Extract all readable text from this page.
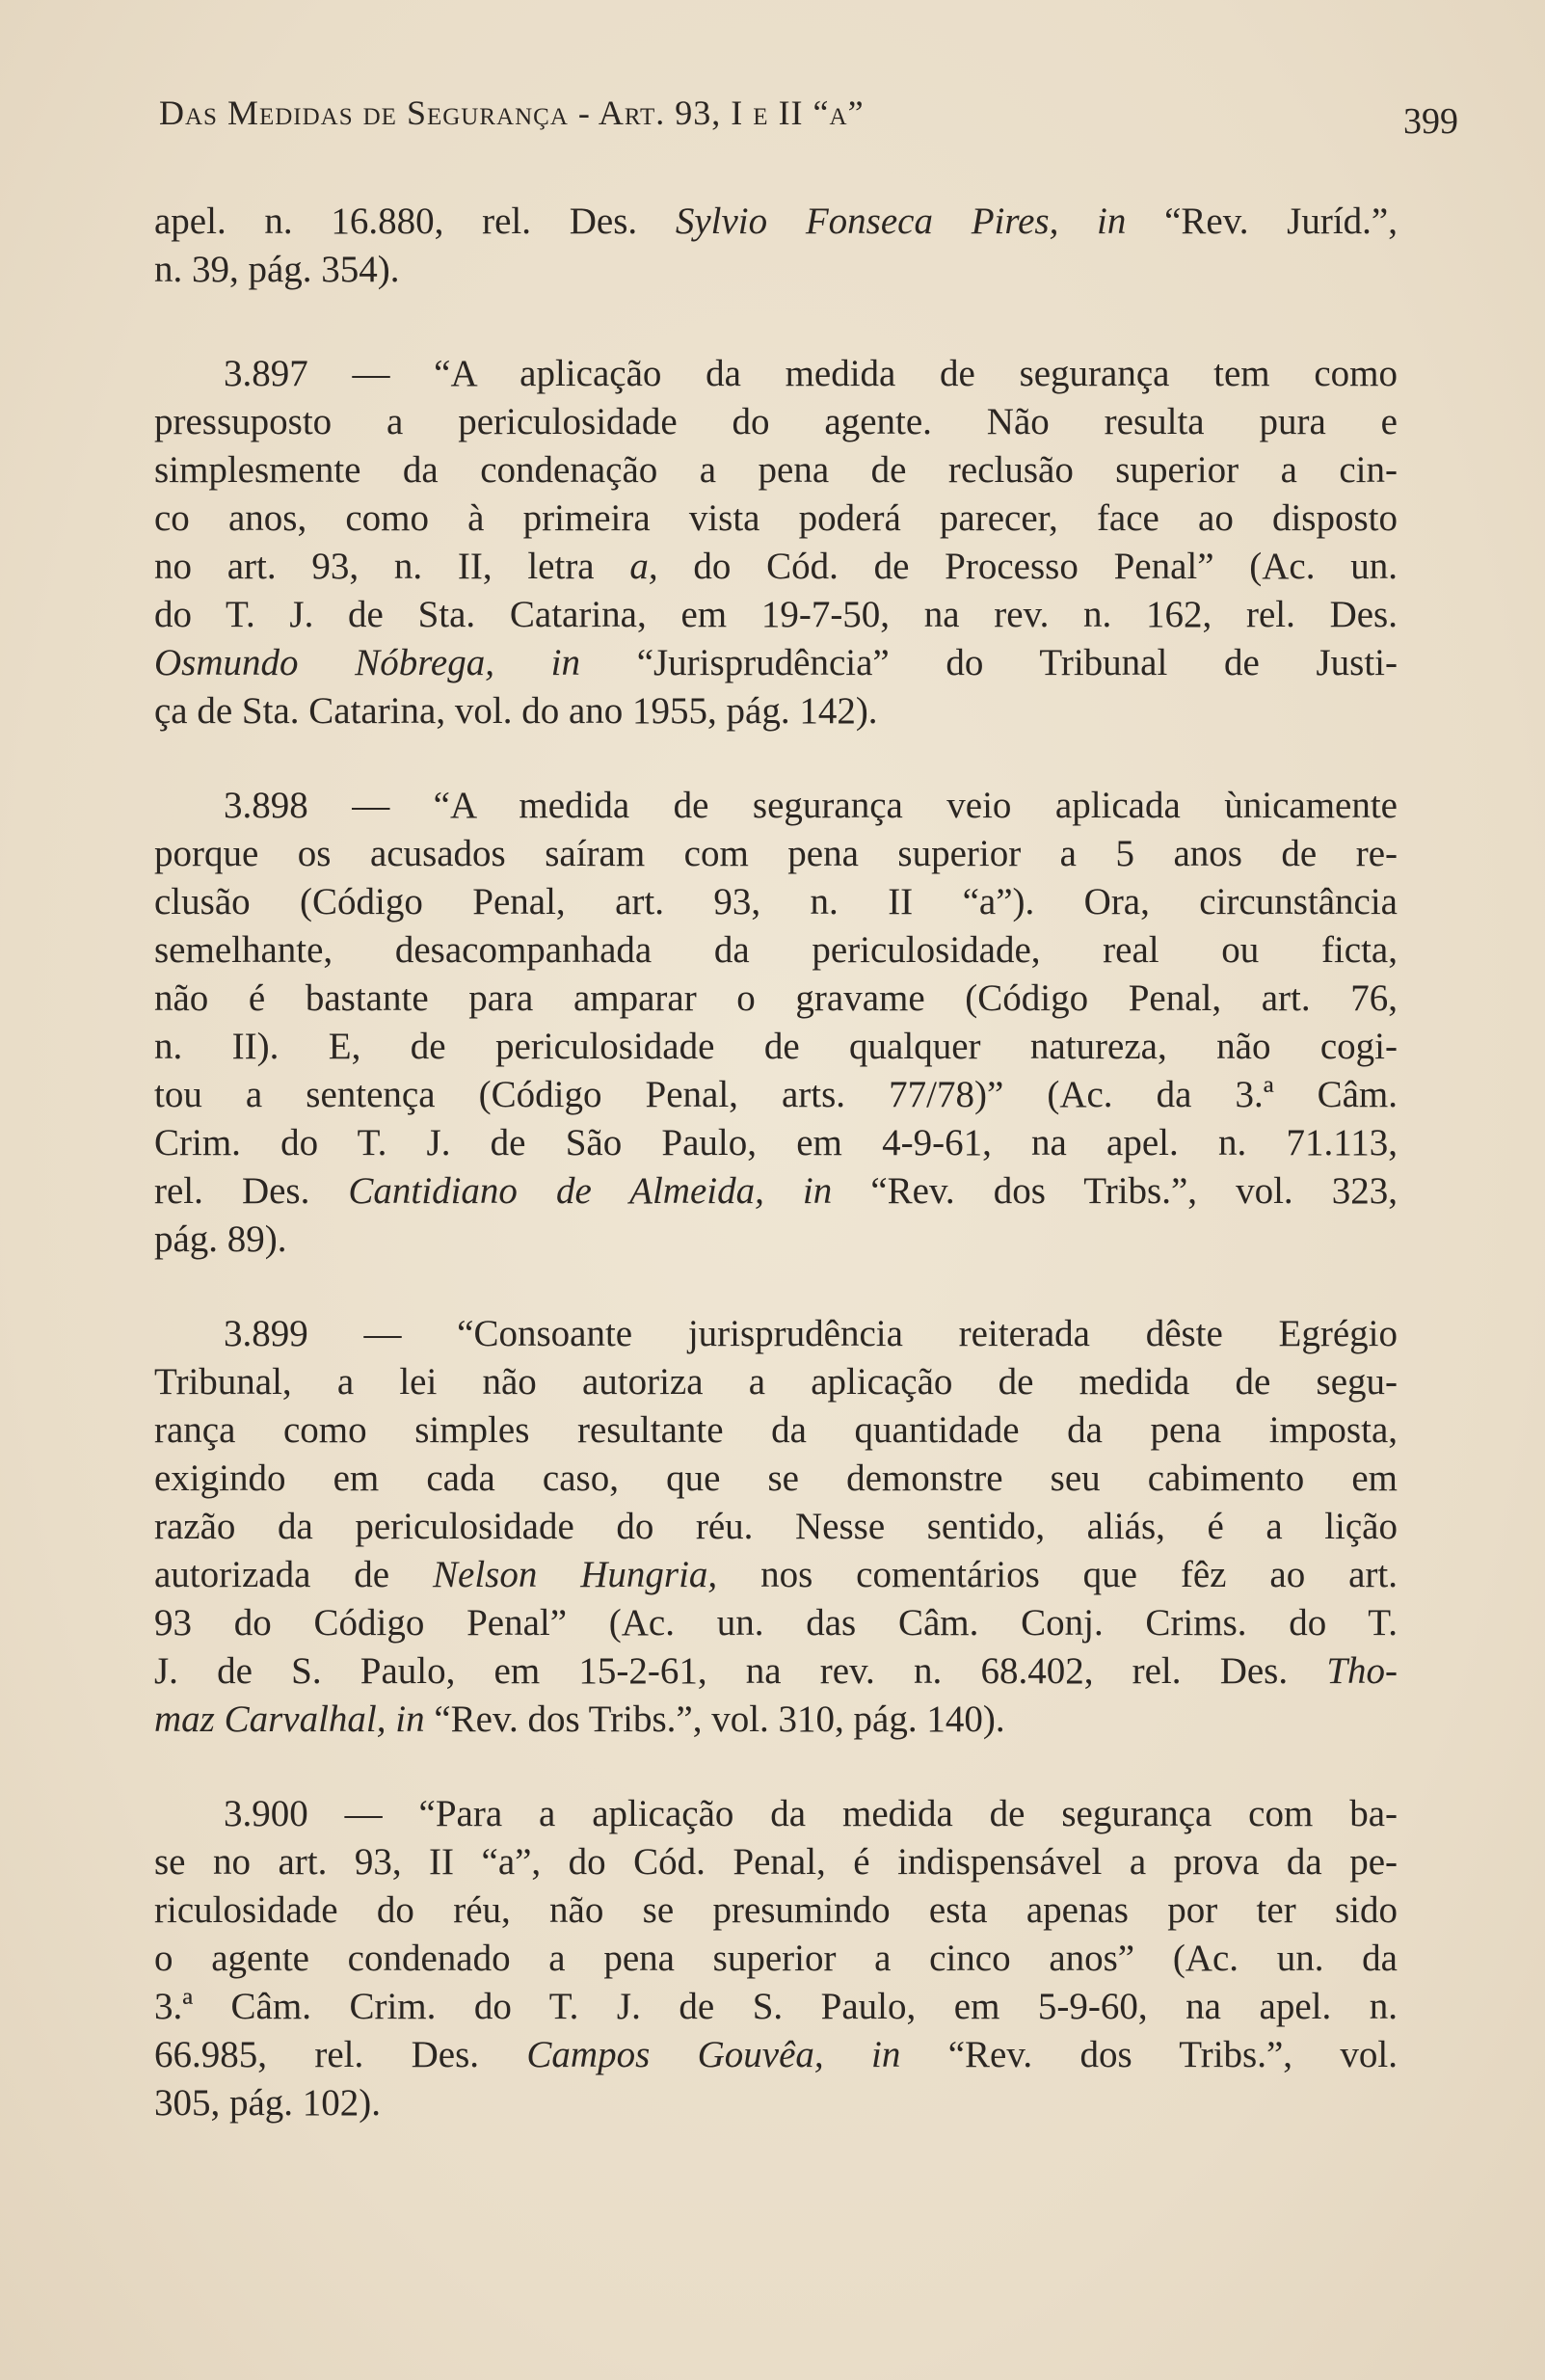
Das Medidas de Segurança - Art. 93, I e II “a”	399
apel. n. 16.880, rel. Des. Sylvio Fonseca Pires, in “Rev. Juríd.”,
n. 39, pág. 354).
3.897 — “A aplicação da medida de segurança tem como
pressuposto a periculosidade do agente. Não resulta pura e
simplesmente da condenação a pena de reclusão superior a cin-
co anos, como à primeira vista poderá parecer, face ao disposto
no art. 93, n. II, letra a, do Cód. de Processo Penal” (Ac. un.
do T. J. de Sta. Catarina, em 19-7-50, na rev. n. 162, rel. Des.
Osmundo Nóbrega, in “Jurisprudência” do Tribunal de Justi-
ça de Sta. Catarina, vol. do ano 1955, pág. 142).
3.898 — “A medida de segurança veio aplicada ùnicamente
porque os acusados saíram com pena superior a 5 anos de re-
clusão (Código Penal, art. 93, n. II “a”). Ora, circunstância
semelhante, desacompanhada da periculosidade, real ou ficta,
não é bastante para amparar o gravame (Código Penal, art. 76,
n. II). E, de periculosidade de qualquer natureza, não cogi-
tou a sentença (Código Penal, arts. 77/78)” (Ac. da 3.ª Câm.
Crim. do T. J. de São Paulo, em 4-9-61, na apel. n. 71.113,
rel. Des. Cantidiano de Almeida, in “Rev. dos Tribs.”, vol. 323,
pág. 89).
3.899 — “Consoante jurisprudência reiterada dêste Egrégio
Tribunal, a lei não autoriza a aplicação de medida de segu-
rança como simples resultante da quantidade da pena imposta,
exigindo em cada caso, que se demonstre seu cabimento em
razão da periculosidade do réu. Nesse sentido, aliás, é a lição
autorizada de Nelson Hungria, nos comentários que fêz ao art.
93 do Código Penal” (Ac. un. das Câm. Conj. Crims. do T.
J. de S. Paulo, em 15-2-61, na rev. n. 68.402, rel. Des. Tho-
maz Carvalhal, in “Rev. dos Tribs.”, vol. 310, pág. 140).
3.900 — “Para a aplicação da medida de segurança com ba-
se no art. 93, II “a”, do Cód. Penal, é indispensável a prova da pe-
riculosidade do réu, não se presumindo esta apenas por ter sido
o agente condenado a pena superior a cinco anos” (Ac. un. da
3.ª Câm. Crim. do T. J. de S. Paulo, em 5-9-60, na apel. n.
66.985, rel. Des. Campos Gouvêa, in “Rev. dos Tribs.”, vol.
305, pág. 102).
